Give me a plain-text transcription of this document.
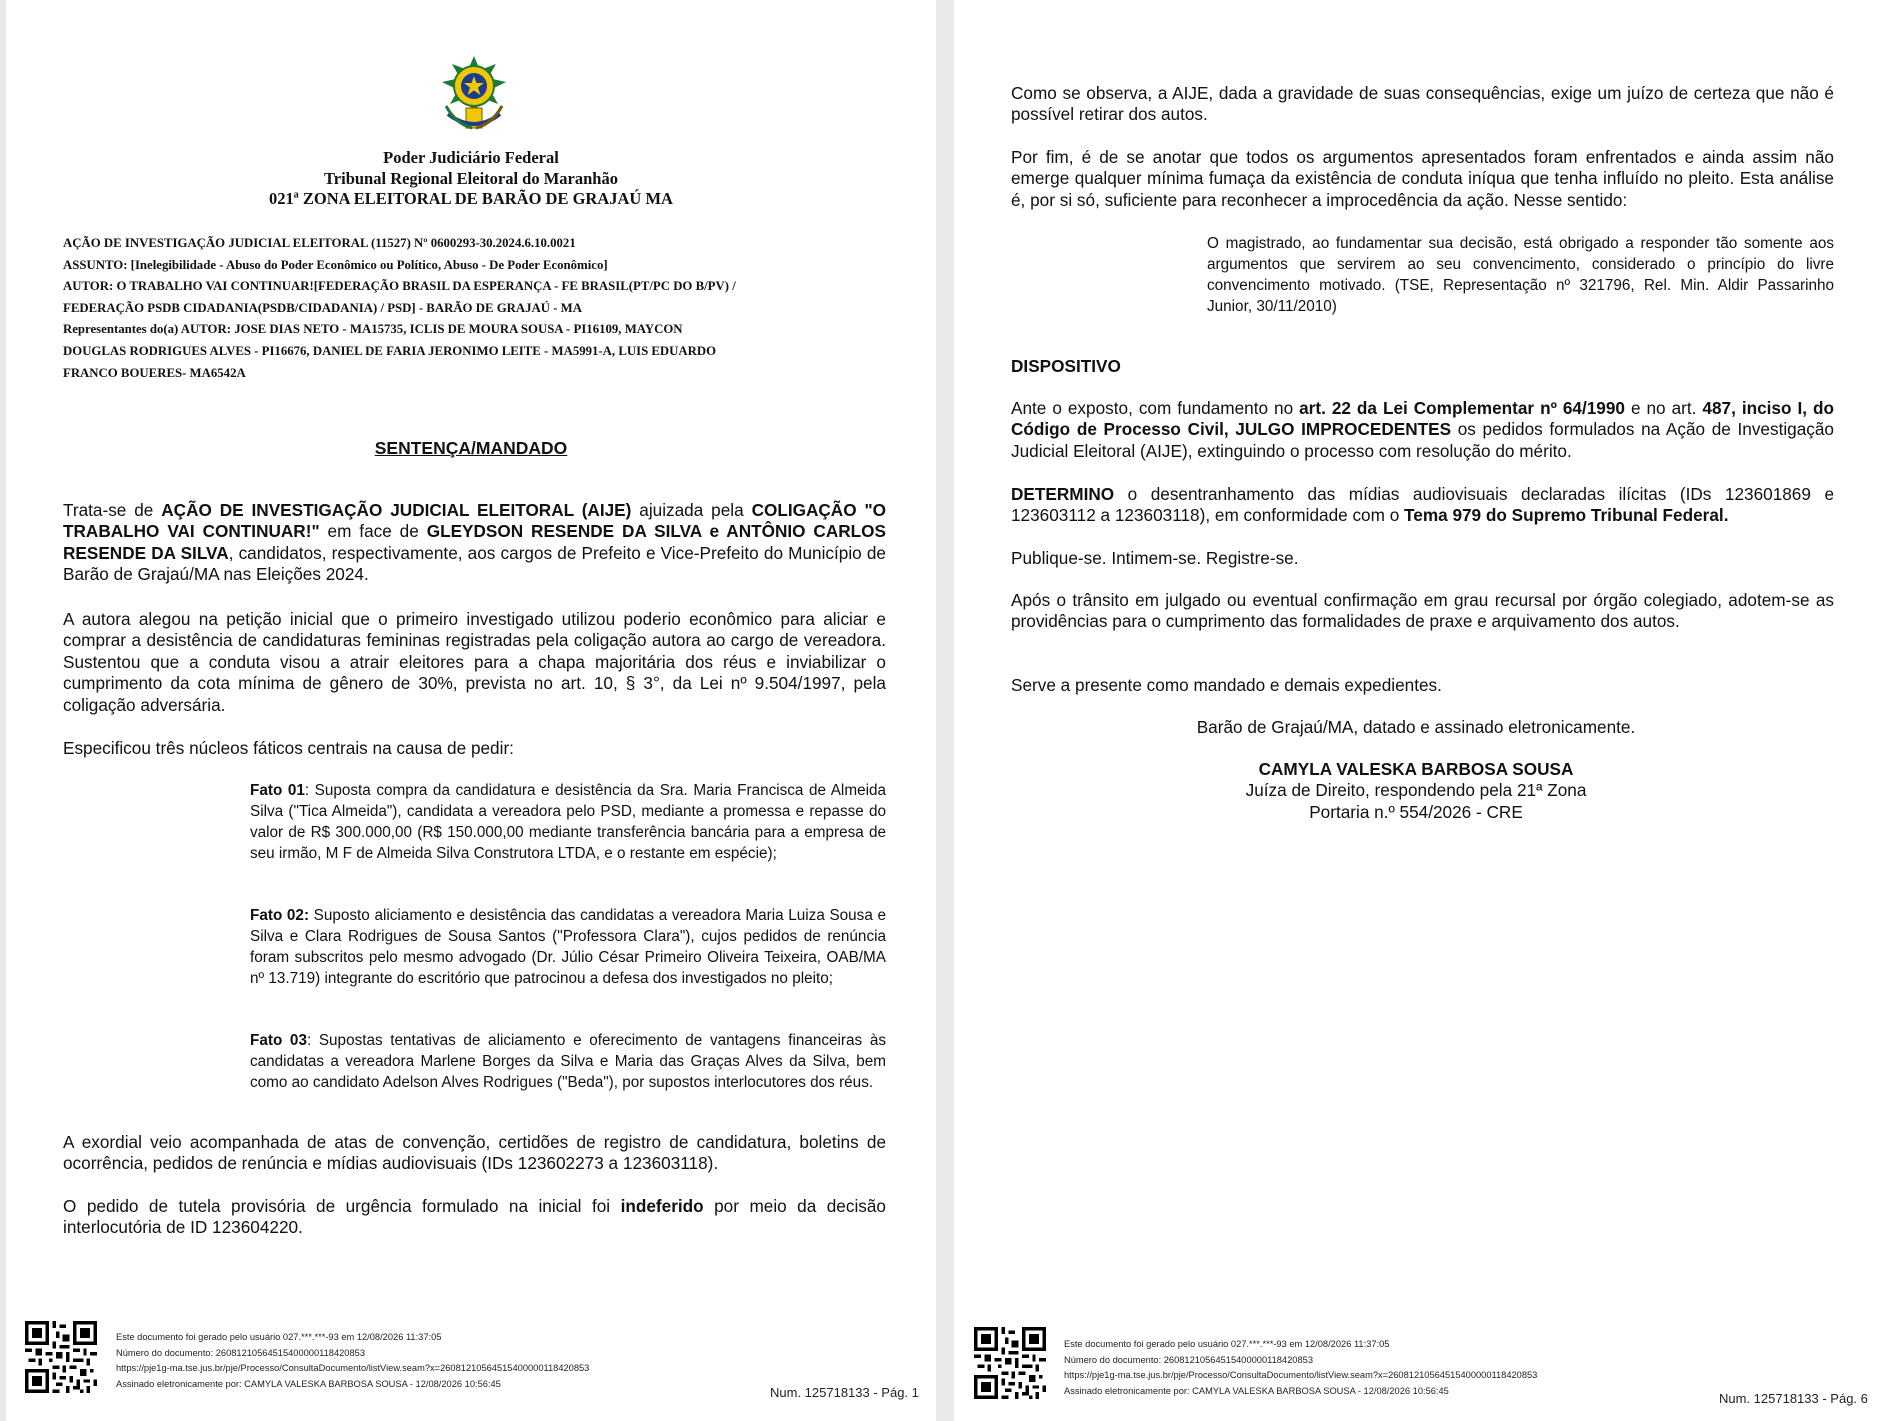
Poder Judiciário Federal
Tribunal Regional Eleitoral do Maranhão
021ª ZONA ELEITORAL DE BARÃO DE GRAJAÚ MA
AÇÃO DE INVESTIGAÇÃO JUDICIAL ELEITORAL (11527) Nº 0600293-30.2024.6.10.0021
ASSUNTO: [Inelegibilidade - Abuso do Poder Econômico ou Político, Abuso - De Poder Econômico]
AUTOR: O TRABALHO VAI CONTINUAR![FEDERAÇÃO BRASIL DA ESPERANÇA - FE BRASIL(PT/PC DO B/PV) /
FEDERAÇÃO PSDB CIDADANIA(PSDB/CIDADANIA) / PSD] - BARÃO DE GRAJAÚ - MA
Representantes do(a) AUTOR: JOSE DIAS NETO - MA15735, ICLIS DE MOURA SOUSA - PI16109, MAYCON
DOUGLAS RODRIGUES ALVES - PI16676, DANIEL DE FARIA JERONIMO LEITE - MA5991-A, LUIS EDUARDO
FRANCO BOUERES- MA6542A
SENTENÇA/MANDADO

Trata-se de AÇÃO DE INVESTIGAÇÃO JUDICIAL ELEITORAL (AIJE) ajuizada pela COLIGAÇÃO "O TRABALHO VAI CONTINUAR!" em face de GLEYDSON RESENDE DA SILVA e ANTÔNIO CARLOS RESENDE DA SILVA, candidatos, respectivamente, aos cargos de Prefeito e Vice-Prefeito do Município de Barão de Grajaú/MA nas Eleições 2024.

A autora alegou na petição inicial que o primeiro investigado utilizou poderio econômico para aliciar e comprar a desistência de candidaturas femininas registradas pela coligação autora ao cargo de vereadora. Sustentou que a conduta visou a atrair eleitores para a chapa majoritária dos réus e inviabilizar o cumprimento da cota mínima de gênero de 30%, prevista no art. 10, § 3°, da Lei nº 9.504/1997, pela coligação adversária.

Especificou três núcleos fáticos centrais na causa de pedir:

Fato 01: Suposta compra da candidatura e desistência da Sra. Maria Francisca de Almeida Silva ("Tica Almeida"), candidata a vereadora pelo PSD, mediante a promessa e repasse do valor de R$ 300.000,00 (R$ 150.000,00 mediante transferência bancária para a empresa de seu irmão, M F de Almeida Silva Construtora LTDA, e o restante em espécie);

Fato 02: Suposto aliciamento e desistência das candidatas a vereadora Maria Luiza Sousa e Silva e Clara Rodrigues de Sousa Santos ("Professora Clara"), cujos pedidos de renúncia foram subscritos pelo mesmo advogado (Dr. Júlio César Primeiro Oliveira Teixeira, OAB/MA nº 13.719) integrante do escritório que patrocinou a defesa dos investigados no pleito;

Fato 03: Supostas tentativas de aliciamento e oferecimento de vantagens financeiras às candidatas a vereadora Marlene Borges da Silva e Maria das Graças Alves da Silva, bem como ao candidato Adelson Alves Rodrigues ("Beda"), por supostos interlocutores dos réus.

A exordial veio acompanhada de atas de convenção, certidões de registro de candidatura, boletins de ocorrência, pedidos de renúncia e mídias audiovisuais (IDs 123602273 a 123603118).

O pedido de tutela provisória de urgência formulado na inicial foi indeferido por meio da decisão interlocutória de ID 123604220.

Este documento foi gerado pelo usuário 027.***.***-93 em 12/08/2026 11:37:05
Número do documento: 26081210564515400000118420853
https://pje1g-ma.tse.jus.br/pje/Processo/ConsultaDocumento/listView.seam?x=26081210564515400000118420853
Assinado eletronicamente por: CAMYLA VALESKA BARBOSA SOUSA - 12/08/2026 10:56:45
Num. 125718133 - Pág. 1

Como se observa, a AIJE, dada a gravidade de suas consequências, exige um juízo de certeza que não é possível retirar dos autos.

Por fim, é de se anotar que todos os argumentos apresentados foram enfrentados e ainda assim não emerge qualquer mínima fumaça da existência de conduta iníqua que tenha influído no pleito. Esta análise é, por si só, suficiente para reconhecer a improcedência da ação. Nesse sentido:

O magistrado, ao fundamentar sua decisão, está obrigado a responder tão somente aos argumentos que servirem ao seu convencimento, considerado o princípio do livre convencimento motivado. (TSE, Representação nº 321796, Rel. Min. Aldir Passarinho Junior, 30/11/2010)

DISPOSITIVO

Ante o exposto, com fundamento no art. 22 da Lei Complementar nº 64/1990 e no art. 487, inciso I, do Código de Processo Civil, JULGO IMPROCEDENTES os pedidos formulados na Ação de Investigação Judicial Eleitoral (AIJE), extinguindo o processo com resolução do mérito.

DETERMINO o desentranhamento das mídias audiovisuais declaradas ilícitas (IDs 123601869 e 123603112 a 123603118), em conformidade com o Tema 979 do Supremo Tribunal Federal.

Publique-se. Intimem-se. Registre-se.

Após o trânsito em julgado ou eventual confirmação em grau recursal por órgão colegiado, adotem-se as providências para o cumprimento das formalidades de praxe e arquivamento dos autos.

Serve a presente como mandado e demais expedientes.

Barão de Grajaú/MA, datado e assinado eletronicamente.

CAMYLA VALESKA BARBOSA SOUSA
Juíza de Direito, respondendo pela 21ª Zona
Portaria n.º 554/2026 - CRE
Este documento foi gerado pelo usuário 027.***.***-93 em 12/08/2026 11:37:05
Número do documento: 26081210564515400000118420853
https://pje1g-ma.tse.jus.br/pje/Processo/ConsultaDocumento/listView.seam?x=26081210564515400000118420853
Assinado eletronicamente por: CAMYLA VALESKA BARBOSA SOUSA - 12/08/2026 10:56:45
Num. 125718133 - Pág. 6
